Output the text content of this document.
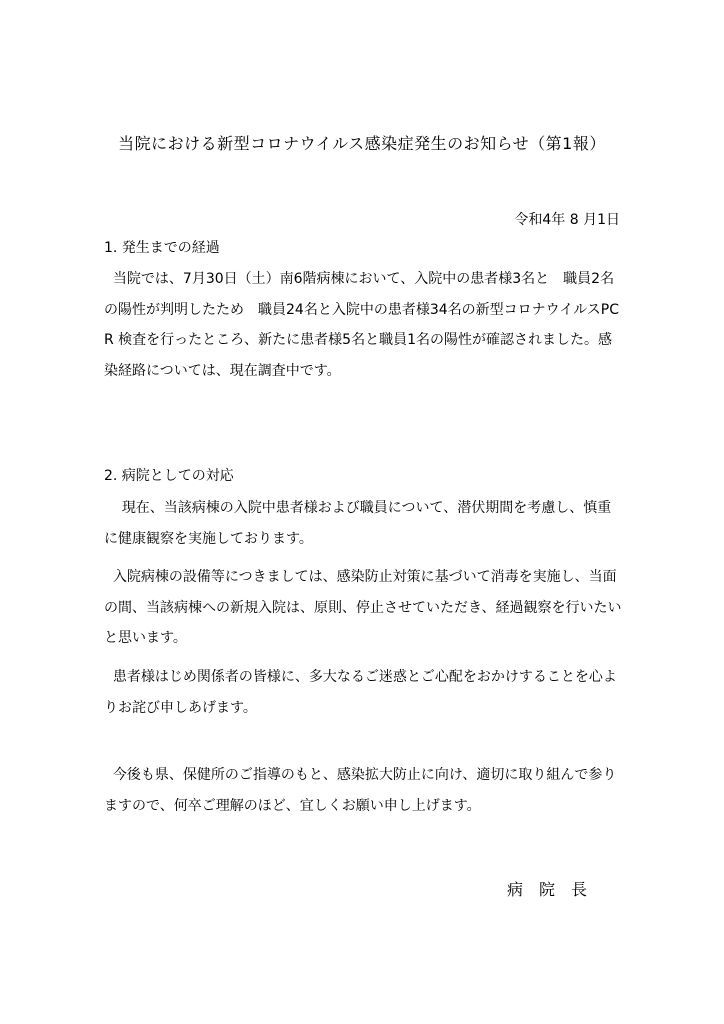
当院における新型コロナウイルス感染症発生のお知らせ（第1報）
令和4年 8 月1日
1. 発生までの経過

当院では、7月30日（土）南6階病棟において、入院中の患者様3名と　職員2名の陽性が判明したため　職員24名と入院中の患者様34名の新型コロナウイルスPCR 検査を行ったところ、新たに患者様5名と職員1名の陽性が確認されました。感染経路については、現在調査中です。

2. 病院としての対応

現在、当該病棟の入院中患者様および職員について、潜伏期間を考慮し、慎重に健康観察を実施しております。

入院病棟の設備等につきましては、感染防止対策に基づいて消毒を実施し、当面の間、当該病棟への新規入院は、原則、停止させていただき、経過観察を行いたいと思います。

患者様はじめ関係者の皆様に、多大なるご迷惑とご心配をおかけすることを心よりお詫び申しあげます。

今後も県、保健所のご指導のもと、感染拡大防止に向け、適切に取り組んで参りますので、何卒ご理解のほど、宜しくお願い申し上げます。

病　院　長
